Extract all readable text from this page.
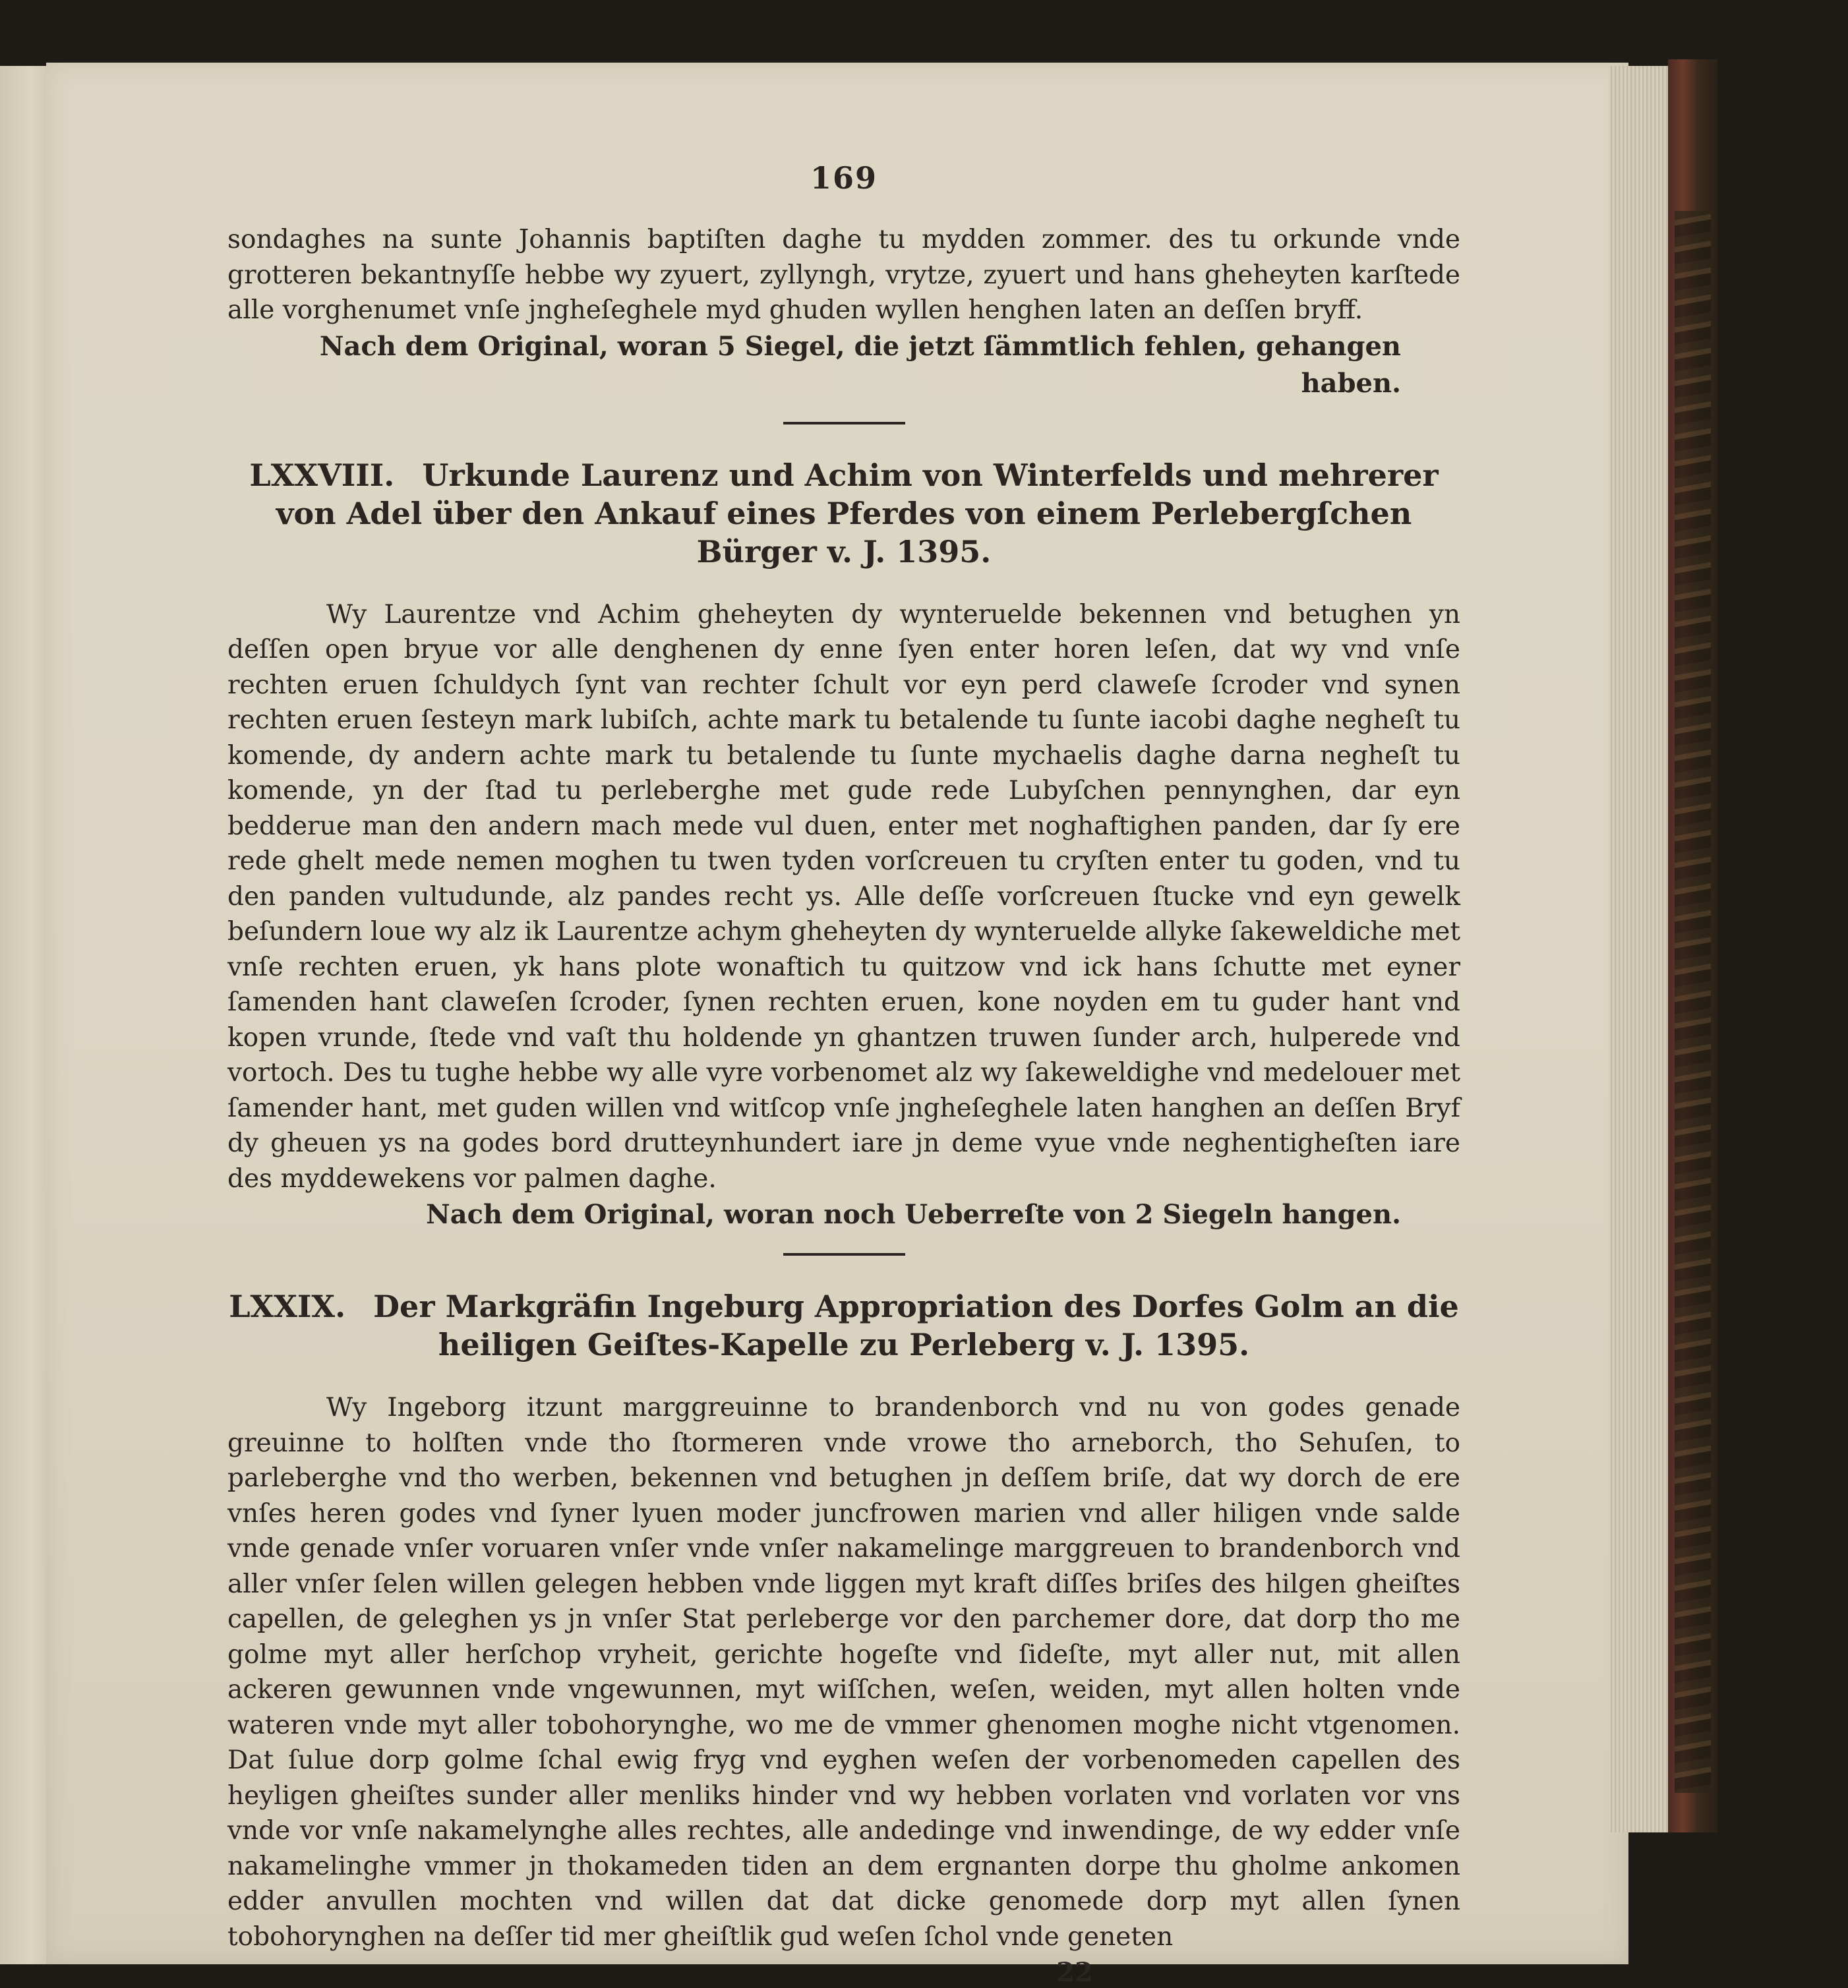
169

sondaghes na sunte Johannis baptiſten daghe tu mydden zommer. des tu orkunde vnde grotteren bekantnyſſe hebbe wy zyuert, zyllyngh, vrytze, zyuert und hans gheheyten karſtede alle vorghenumet vnſe jngheſeghele myd ghuden wyllen henghen laten an deſſen bryff.

Nach dem Original, woran 5 Siegel, die jetzt ſämmtlich fehlen, gehangen haben.

LXXVIII. Urkunde Laurenz und Achim von Winterfelds und mehrerer von Adel über den Ankauf eines Pferdes von einem Perlebergſchen Bürger v. J. 1395.

Wy Laurentze vnd Achim gheheyten dy wynteruelde bekennen vnd betughen yn deſſen open bryue vor alle denghenen dy enne ſyen enter horen leſen, dat wy vnd vnſe rechten eruen ſchuldych ſynt van rechter ſchult vor eyn perd claweſe ſcroder vnd synen rechten eruen ſesteyn mark lubiſch, achte mark tu betalende tu ſunte iacobi daghe negheſt tu komende, dy andern achte mark tu betalende tu ſunte mychaelis daghe darna negheſt tu komende, yn der ſtad tu perleberghe met gude rede Lubyſchen pennynghen, dar eyn bedderue man den andern mach mede vul duen, enter met noghaftighen panden, dar ſy ere rede ghelt mede nemen moghen tu twen tyden vorſcreuen tu cryſten enter tu goden, vnd tu den panden vultudunde, alz pandes recht ys. Alle deſſe vorſcreuen ſtucke vnd eyn gewelk beſundern loue wy alz ik Laurentze achym gheheyten dy wynteruelde allyke ſakeweldiche met vnſe rechten eruen, yk hans plote wonaftich tu quitzow vnd ick hans ſchutte met eyner ſamenden hant claweſen ſcroder, ſynen rechten eruen, kone noyden em tu guder hant vnd kopen vrunde, ſtede vnd vaſt thu holdende yn ghantzen truwen ſunder arch, hulperede vnd vortoch. Des tu tughe hebbe wy alle vyre vorbenomet alz wy ſakeweldighe vnd medelouer met ſamender hant, met guden willen vnd witſcop vnſe jngheſeghele laten hanghen an deſſen Bryf dy gheuen ys na godes bord drutteynhundert iare jn deme vyue vnde neghentigheſten iare des myddewekens vor palmen daghe.

Nach dem Original, woran noch Ueberreſte von 2 Siegeln hangen.

LXXIX. Der Markgräfin Ingeburg Appropriation des Dorfes Golm an die heiligen Geiſtes-Kapelle zu Perleberg v. J. 1395.

Wy Ingeborg itzunt marggreuinne to brandenborch vnd nu von godes genade greuinne to holſten vnde tho ſtormeren vnde vrowe tho arneborch, tho Sehuſen, to parleberghe vnd tho werben, bekennen vnd betughen jn deſſem briſe, dat wy dorch de ere vnſes heren godes vnd ſyner lyuen moder juncfrowen marien vnd aller hiligen vnde salde vnde genade vnſer voruaren vnſer vnde vnſer nakamelinge marggreuen to brandenborch vnd aller vnſer ſelen willen gelegen hebben vnde liggen myt kraft diſſes briſes des hilgen gheiſtes capellen, de geleghen ys jn vnſer Stat perleberge vor den parchemer dore, dat dorp tho me golme myt aller herſchop vryheit, gerichte hogeſte vnd ſideſte, myt aller nut, mit allen ackeren gewunnen vnde vngewunnen, myt wiſſchen, weſen, weiden, myt allen holten vnde wateren vnde myt aller toboh​orynghe, wo me de vmmer ghenomen moghe nicht vtgenomen. Dat ſulue dorp golme ſchal ewig fryg vnd eyghen weſen der vorbenomeden capellen des heyligen gheiſtes sunder aller menliks hinder vnd wy hebben vorlaten vnd vorlaten vor vns vnde vor vnſe nakamelynghe alles rechtes, alle andedinge vnd inwendinge, de wy edder vnſe nakamelinghe vmmer jn thokameden tiden an dem ergnanten dorpe thu gholme ankomen edder anvullen mochten vnd willen dat dat dicke genomede dorp myt allen ſynen tobohorynghen na deſſer tid mer gheiſtlik gud weſen ſchol vnde geneten

22
